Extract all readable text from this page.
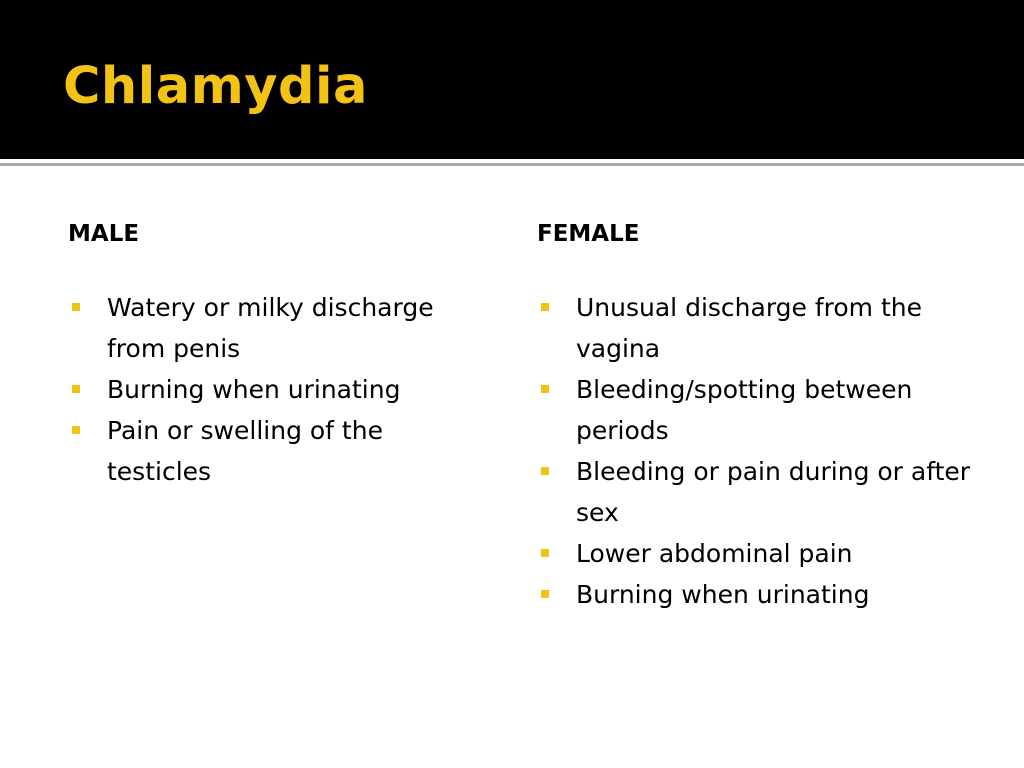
Chlamydia
MALE
Watery or milky discharge from penis
Burning when urinating
Pain or swelling of the testicles
FEMALE
Unusual discharge from the vagina
Bleeding/spotting between periods
Bleeding or pain during or after sex
Lower abdominal pain
Burning when urinating
